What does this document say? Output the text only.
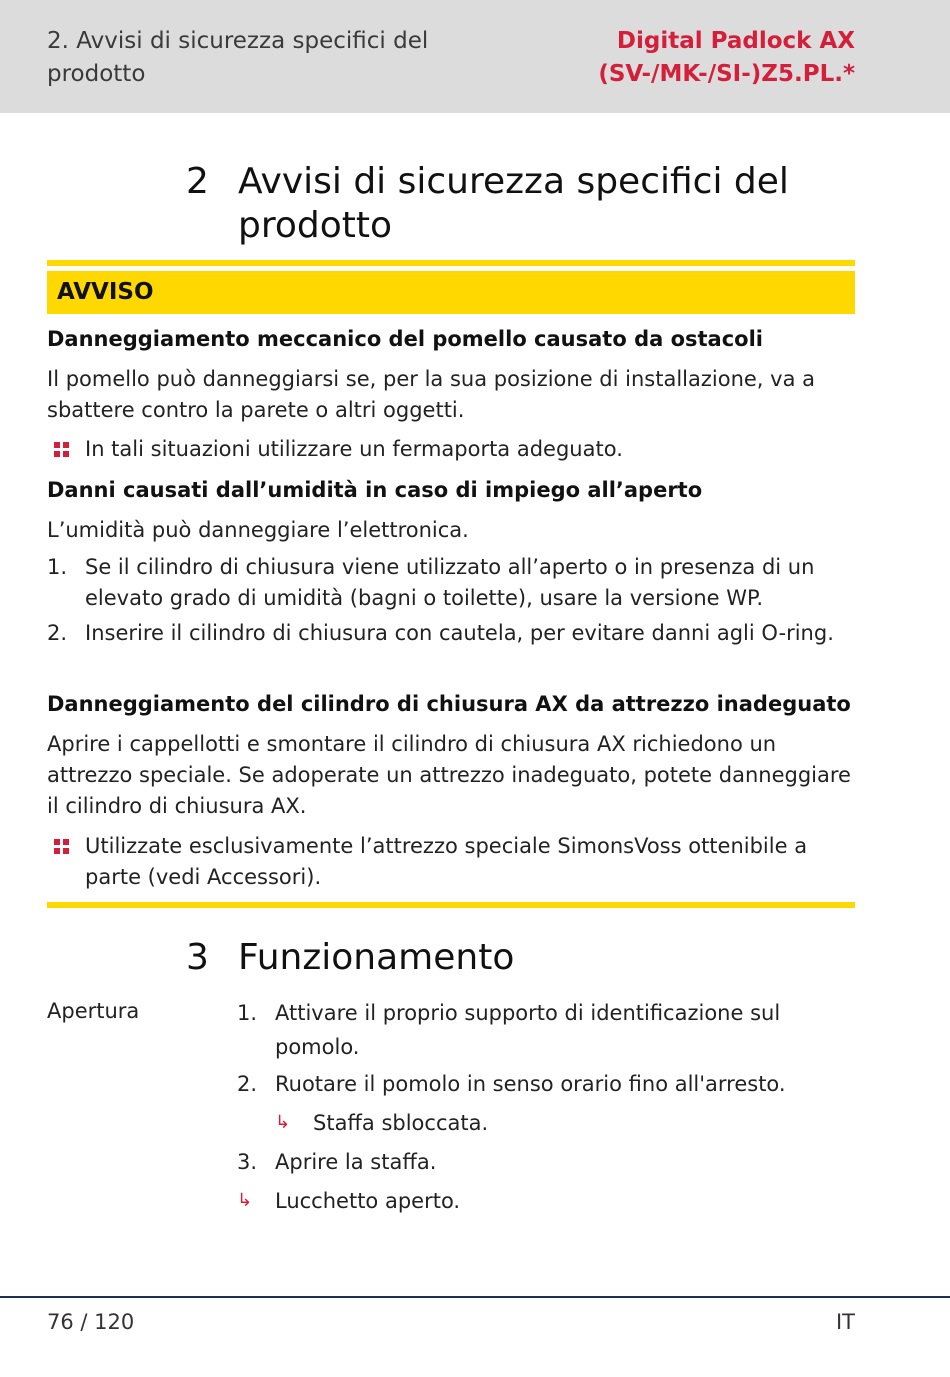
2. Avvisi di sicurezza specifici del prodotto
Digital Padlock AX (SV-/MK-/SI-)Z5.PL.*
2 Avvisi di sicurezza specifici del prodotto
AVVISO
Danneggiamento meccanico del pomello causato da ostacoli
Il pomello può danneggiarsi se, per la sua posizione di installazione, va a sbattere contro la parete o altri oggetti.
In tali situazioni utilizzare un fermaporta adeguato.
Danni causati dall’umidità in caso di impiego all’aperto
L’umidità può danneggiare l’elettronica.
1. Se il cilindro di chiusura viene utilizzato all’aperto o in presenza di un elevato grado di umidità (bagni o toilette), usare la versione WP.
2. Inserire il cilindro di chiusura con cautela, per evitare danni agli O-ring.
Danneggiamento del cilindro di chiusura AX da attrezzo inadeguato
Aprire i cappellotti e smontare il cilindro di chiusura AX richiedono un attrezzo speciale. Se adoperate un attrezzo inadeguato, potete danneggiare il cilindro di chiusura AX.
Utilizzate esclusivamente l’attrezzo speciale SimonsVoss ottenibile a parte (vedi Accessori).
3 Funzionamento
Apertura	1. Attivare il proprio supporto di identificazione sul pomolo.
2. Ruotare il pomolo in senso orario fino all'arresto.
↳ Staffa sbloccata.
3. Aprire la staffa.
↳ Lucchetto aperto.
76 / 120	IT
